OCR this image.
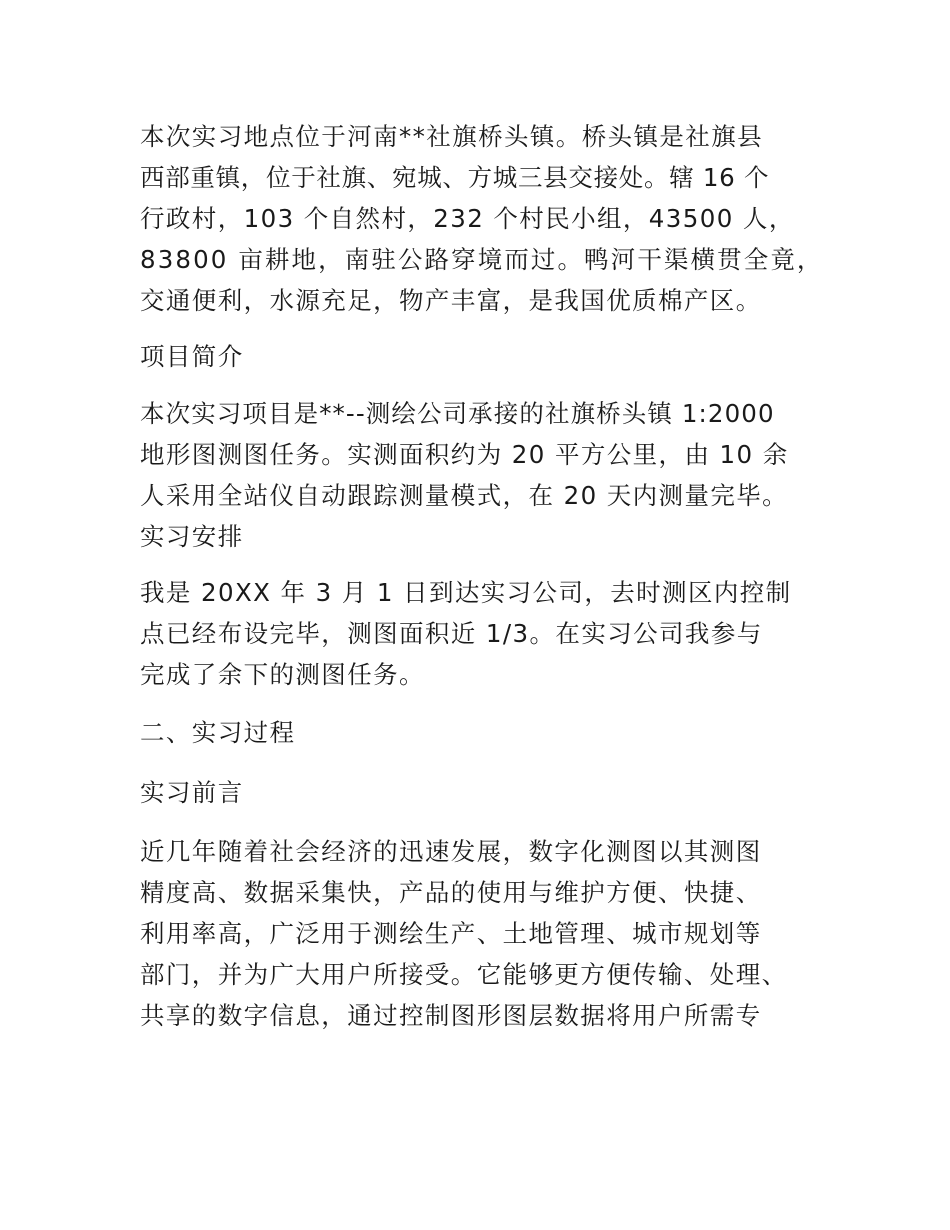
本次实习地点位于河南**社旗桥头镇。桥头镇是社旗县
西部重镇，位于社旗、宛城、方城三县交接处。辖 16 个
行政村，103 个自然村，232 个村民小组，43500 人，
83800 亩耕地，南驻公路穿境而过。鸭河干渠横贯全竟，
交通便利，水源充足，物产丰富，是我国优质棉产区。
项目简介
本次实习项目是**--测绘公司承接的社旗桥头镇 1:2000
地形图测图任务。实测面积约为 20 平方公里，由 10 余
人采用全站仪自动跟踪测量模式，在 20 天内测量完毕。
实习安排
我是 20XX 年 3 月 1 日到达实习公司，去时测区内控制
点已经布设完毕，测图面积近 1/3。在实习公司我参与
完成了余下的测图任务。
二、实习过程
实习前言
近几年随着社会经济的迅速发展，数字化测图以其测图
精度高、数据采集快，产品的使用与维护方便、快捷、
利用率高，广泛用于测绘生产、土地管理、城市规划等
部门，并为广大用户所接受。它能够更方便传输、处理、
共享的数字信息，通过控制图形图层数据将用户所需专
